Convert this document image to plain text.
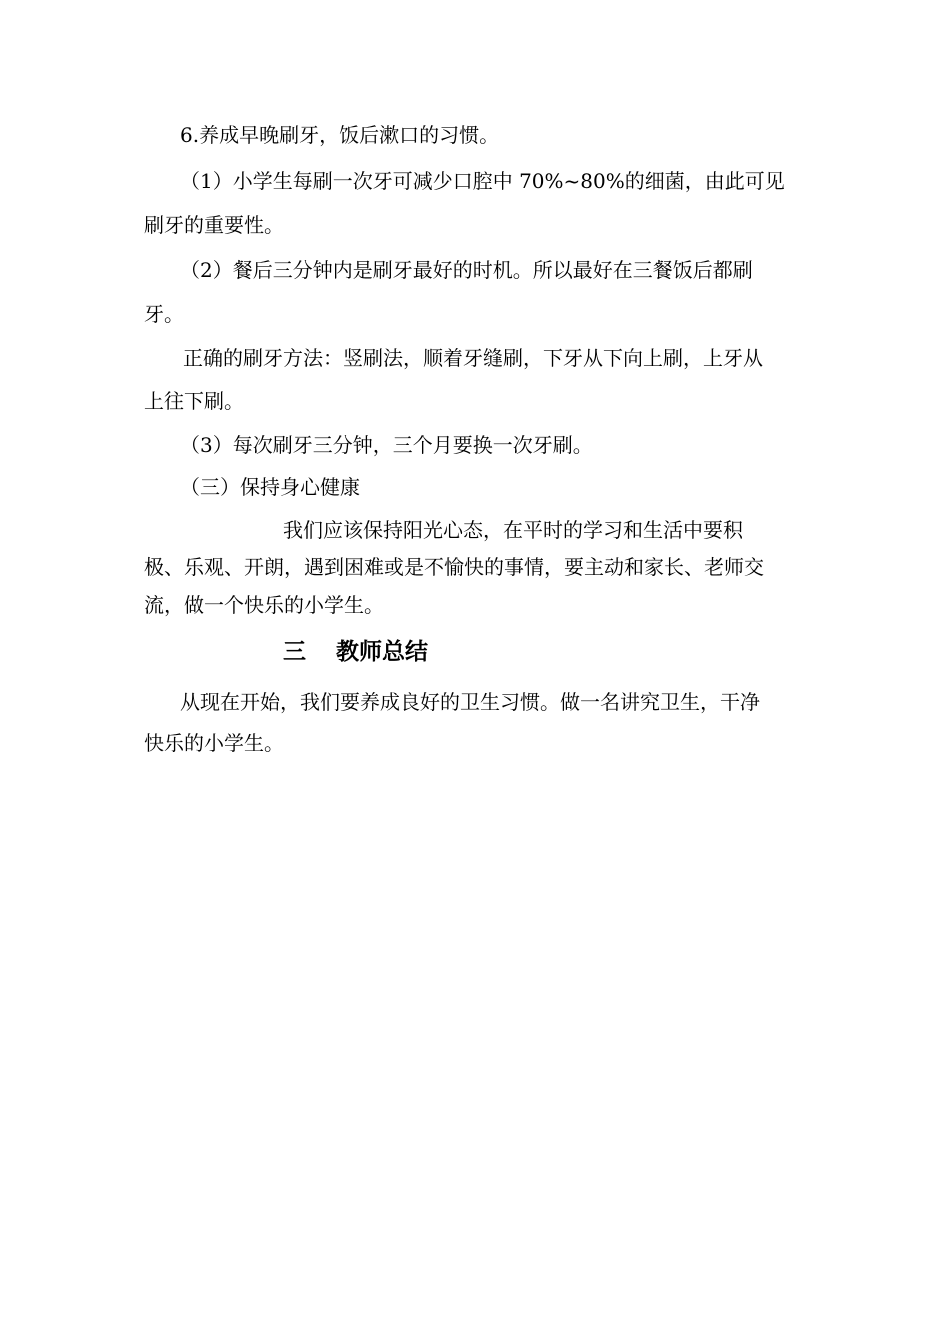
6.养成早晚刷牙，饭后漱口的习惯。

（1）小学生每刷一次牙可减少口腔中 70%~80%的细菌，由此可见

刷牙的重要性。

（2）餐后三分钟内是刷牙最好的时机。所以最好在三餐饭后都刷

牙。

正确的刷牙方法：竖刷法，顺着牙缝刷，下牙从下向上刷，上牙从

上往下刷。

（3）每次刷牙三分钟，三个月要换一次牙刷。

（三）保持身心健康

我们应该保持阳光心态，在平时的学习和生活中要积

极、乐观、开朗，遇到困难或是不愉快的事情，要主动和家长、老师交

流，做一个快乐的小学生。

三 教师总结

从现在开始，我们要养成良好的卫生习惯。做一名讲究卫生，干净

快乐的小学生。
